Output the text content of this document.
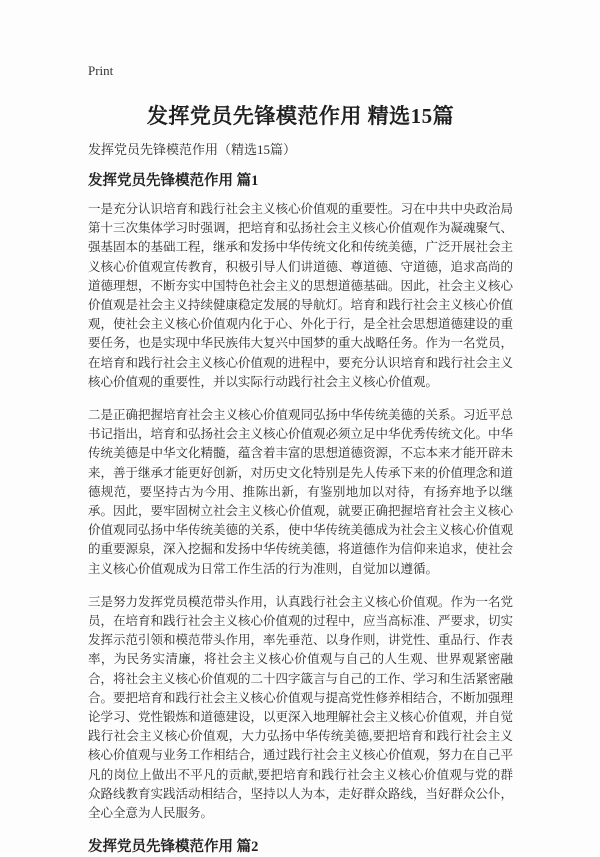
Print
发挥党员先锋模范作用 精选15篇
发挥党员先锋模范作用（精选15篇）
发挥党员先锋模范作用 篇1

一是充分认识培育和践行社会主义核心价值观的重要性。习在中共中央政治局第十三次集体学习时强调，把培育和弘扬社会主义核心价值观作为凝魂聚气、强基固本的基础工程，继承和发扬中华传统文化和传统美德，广泛开展社会主义核心价值观宣传教育，积极引导人们讲道德、尊道德、守道德，追求高尚的道德理想，不断夯实中国特色社会主义的思想道德基础。因此，社会主义核心价值观是社会主义持续健康稳定发展的导航灯。培育和践行社会主义核心价值观，使社会主义核心价值观内化于心、外化于行，是全社会思想道德建设的重要任务，也是实现中华民族伟大复兴中国梦的重大战略任务。作为一名党员，在培育和践行社会主义核心价值观的进程中，要充分认识培育和践行社会主义核心价值观的重要性，并以实际行动践行社会主义核心价值观。

二是正确把握培育社会主义核心价值观同弘扬中华传统美德的关系。习近平总书记指出，培育和弘扬社会主义核心价值观必须立足中华优秀传统文化。中华传统美德是中华文化精髓，蕴含着丰富的思想道德资源，不忘本来才能开辟未来，善于继承才能更好创新，对历史文化特别是先人传承下来的价值理念和道德规范，要坚持古为今用、推陈出新，有鉴别地加以对待，有扬弃地予以继承。因此，要牢固树立社会主义核心价值观，就要正确把握培育社会主义核心价值观同弘扬中华传统美德的关系，使中华传统美德成为社会主义核心价值观的重要源泉，深入挖掘和发扬中华传统美德，将道德作为信仰来追求，使社会主义核心价值观成为日常工作生活的行为准则，自觉加以遵循。

三是努力发挥党员模范带头作用，认真践行社会主义核心价值观。作为一名党员，在培育和践行社会主义核心价值观的过程中，应当高标准、严要求，切实发挥示范引领和模范带头作用，率先垂范、以身作则，讲党性、重品行、作表率，为民务实清廉，将社会主义核心价值观与自己的人生观、世界观紧密融合，将社会主义核心价值观的二十四字箴言与自己的工作、学习和生活紧密融合。要把培育和践行社会主义核心价值观与提高党性修养相结合，不断加强理论学习、党性锻炼和道德建设，以更深入地理解社会主义核心价值观，并自觉践行社会主义核心价值观，大力弘扬中华传统美德,要把培育和践行社会主义核心价值观与业务工作相结合，通过践行社会主义核心价值观，努力在自己平凡的岗位上做出不平凡的贡献,要把培育和践行社会主义核心价值观与党的群众路线教育实践活动相结合，坚持以人为本，走好群众路线，当好群众公仆，全心全意为人民服务。

发挥党员先锋模范作用 篇2
